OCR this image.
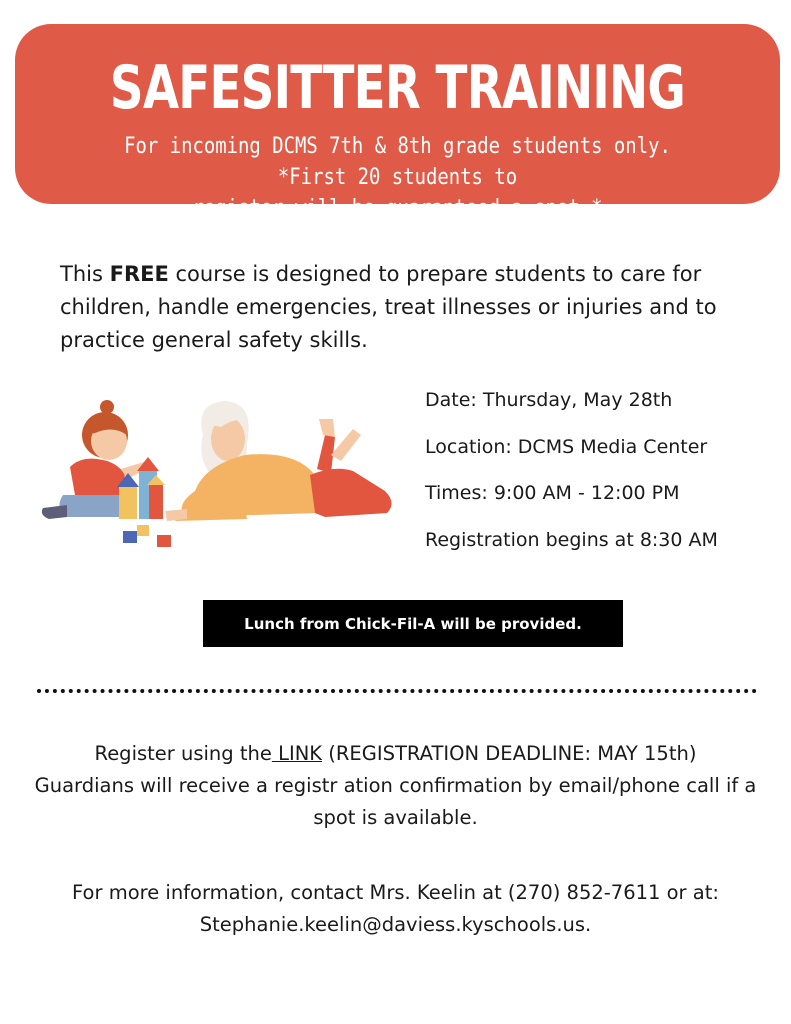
SAFESITTER TRAINING
For incoming DCMS 7th & 8th grade students only. *First 20 students to
register will be guaranteed a spot.*
This FREE course is designed to prepare students to care for children, handle emergencies, treat illnesses or injuries and to practice general safety skills.
Date: Thursday, May 28th
Location: DCMS Media Center
Times: 9:00 AM - 12:00 PM
Registration begins at 8:30 AM
Lunch from Chick-Fil-A will be provided.
Register using the LINK (REGISTRATION DEADLINE: MAY 15th)
Guardians will receive a registr ation confirmation by email/phone call if a spot is available.
For more information, contact Mrs. Keelin at (270) 852-7611 or at:
Stephanie.keelin@daviess.kyschools.us.
